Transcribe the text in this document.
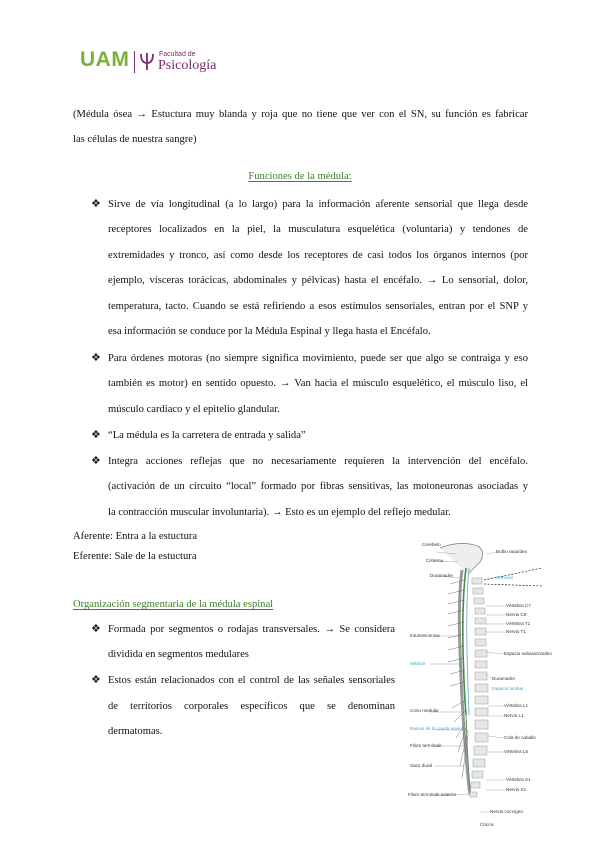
UAM	Facultad de
Psicología
(Médula ósea → Estuctura muy blanda y roja que no tiene que ver con el SN, su función es fabricar
las células de nuestra sangre)
Funciones de la médula:
❖ Sirve de vía longitudinal (a lo largo) para la información aferente sensorial que llega desde
receptores localizados en la piel, la musculatura esquelética (voluntaria) y tendones de
extremidades y tronco, así como desde los receptores de casi todos los órganos internos (por
ejemplo, vísceras torácicas, abdominales y pélvicas) hasta el encéfalo. → Lo sensorial, dolor,
temperatura, tacto. Cuando se está refiriendo a esos estímulos sensoriales, entran por el SNP y
esa información se conduce por la Médula Espinal y llega hasta el Encéfalo.
❖ Para órdenes motoras (no siempre significa movimiento, puede ser que algo se contraiga y eso
también es motor) en sentido opuesto. → Van hacia el músculo esquelético, el músculo liso, el
músculo cardiaco y el epitelio glandular.
❖ “La médula es la carretera de entrada y salida”
❖ Integra acciones reflejas que no necesariamente requieren la intervención del encéfalo.
(activación de un circuito “local” formado por fibras sensitivas, las motoneuronas asociadas y
la contracción muscular involuntaria). → Esto es un ejemplo del reflejo medular.
Aferente: Entra a la estuctura
Eferente: Sale de la estuctura
Organización segmentaria de la médula espinal
❖ Formada por segmentos o rodajas transversales. → Se considera
dividida en segmentos medulares
❖ Estos están relacionados con el control de las señales sensoriales
de territorios corporales específicos que se denominan
dermatomas.
Cerebelo
Cisterna
Duramadre
Intumescencia
Médula
Cono medular
Raíces de la cauda equina
Filum terminale
Saco dural
Filum terminale externo
Bulbo raquídeo
Cervical
Vértebra C7
Nervio C8
Vértebra T1
Nervio T1
Espacio subaracnoideo
Duramadre
Espacio lumbar
Vértebra L1
Nervio L1
Cola de caballo
Vértebra L5
Vértebra S1
Nervio S1
Nervio coccígeo
Cóccix
